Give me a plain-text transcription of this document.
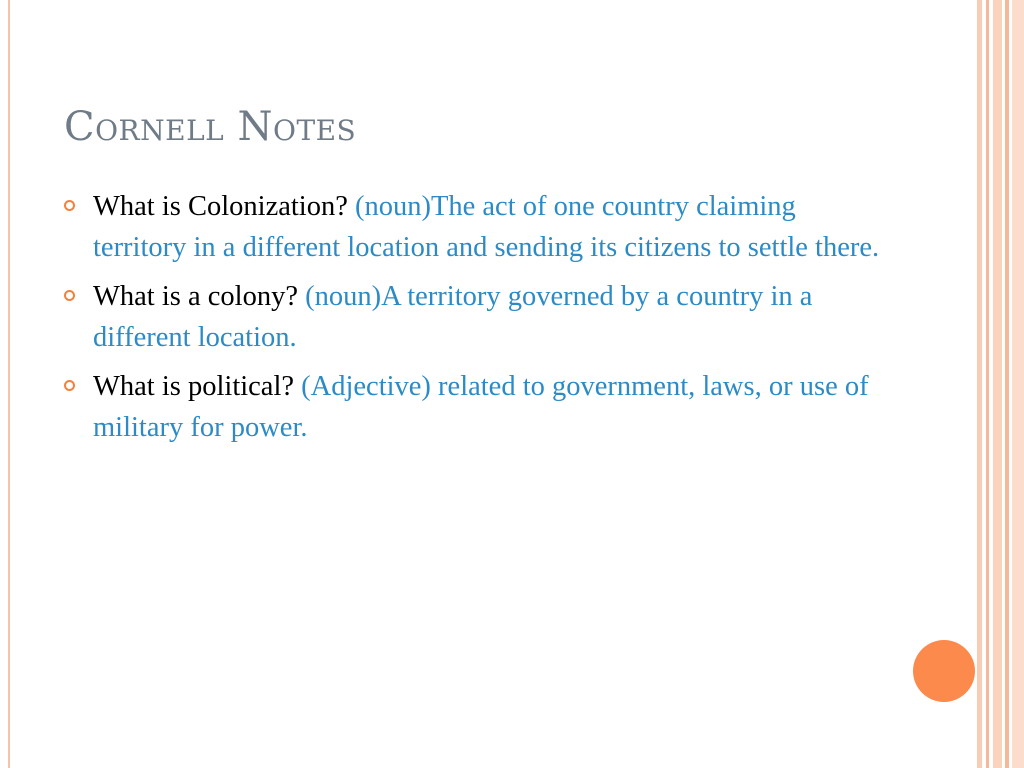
Cornell Notes
What is Colonization? (noun)The act of one country claiming territory in a different location and sending its citizens to settle there.
What is a colony? (noun)A territory governed by a country in a different location.
What is political? (Adjective) related to government, laws, or use of military for power.
